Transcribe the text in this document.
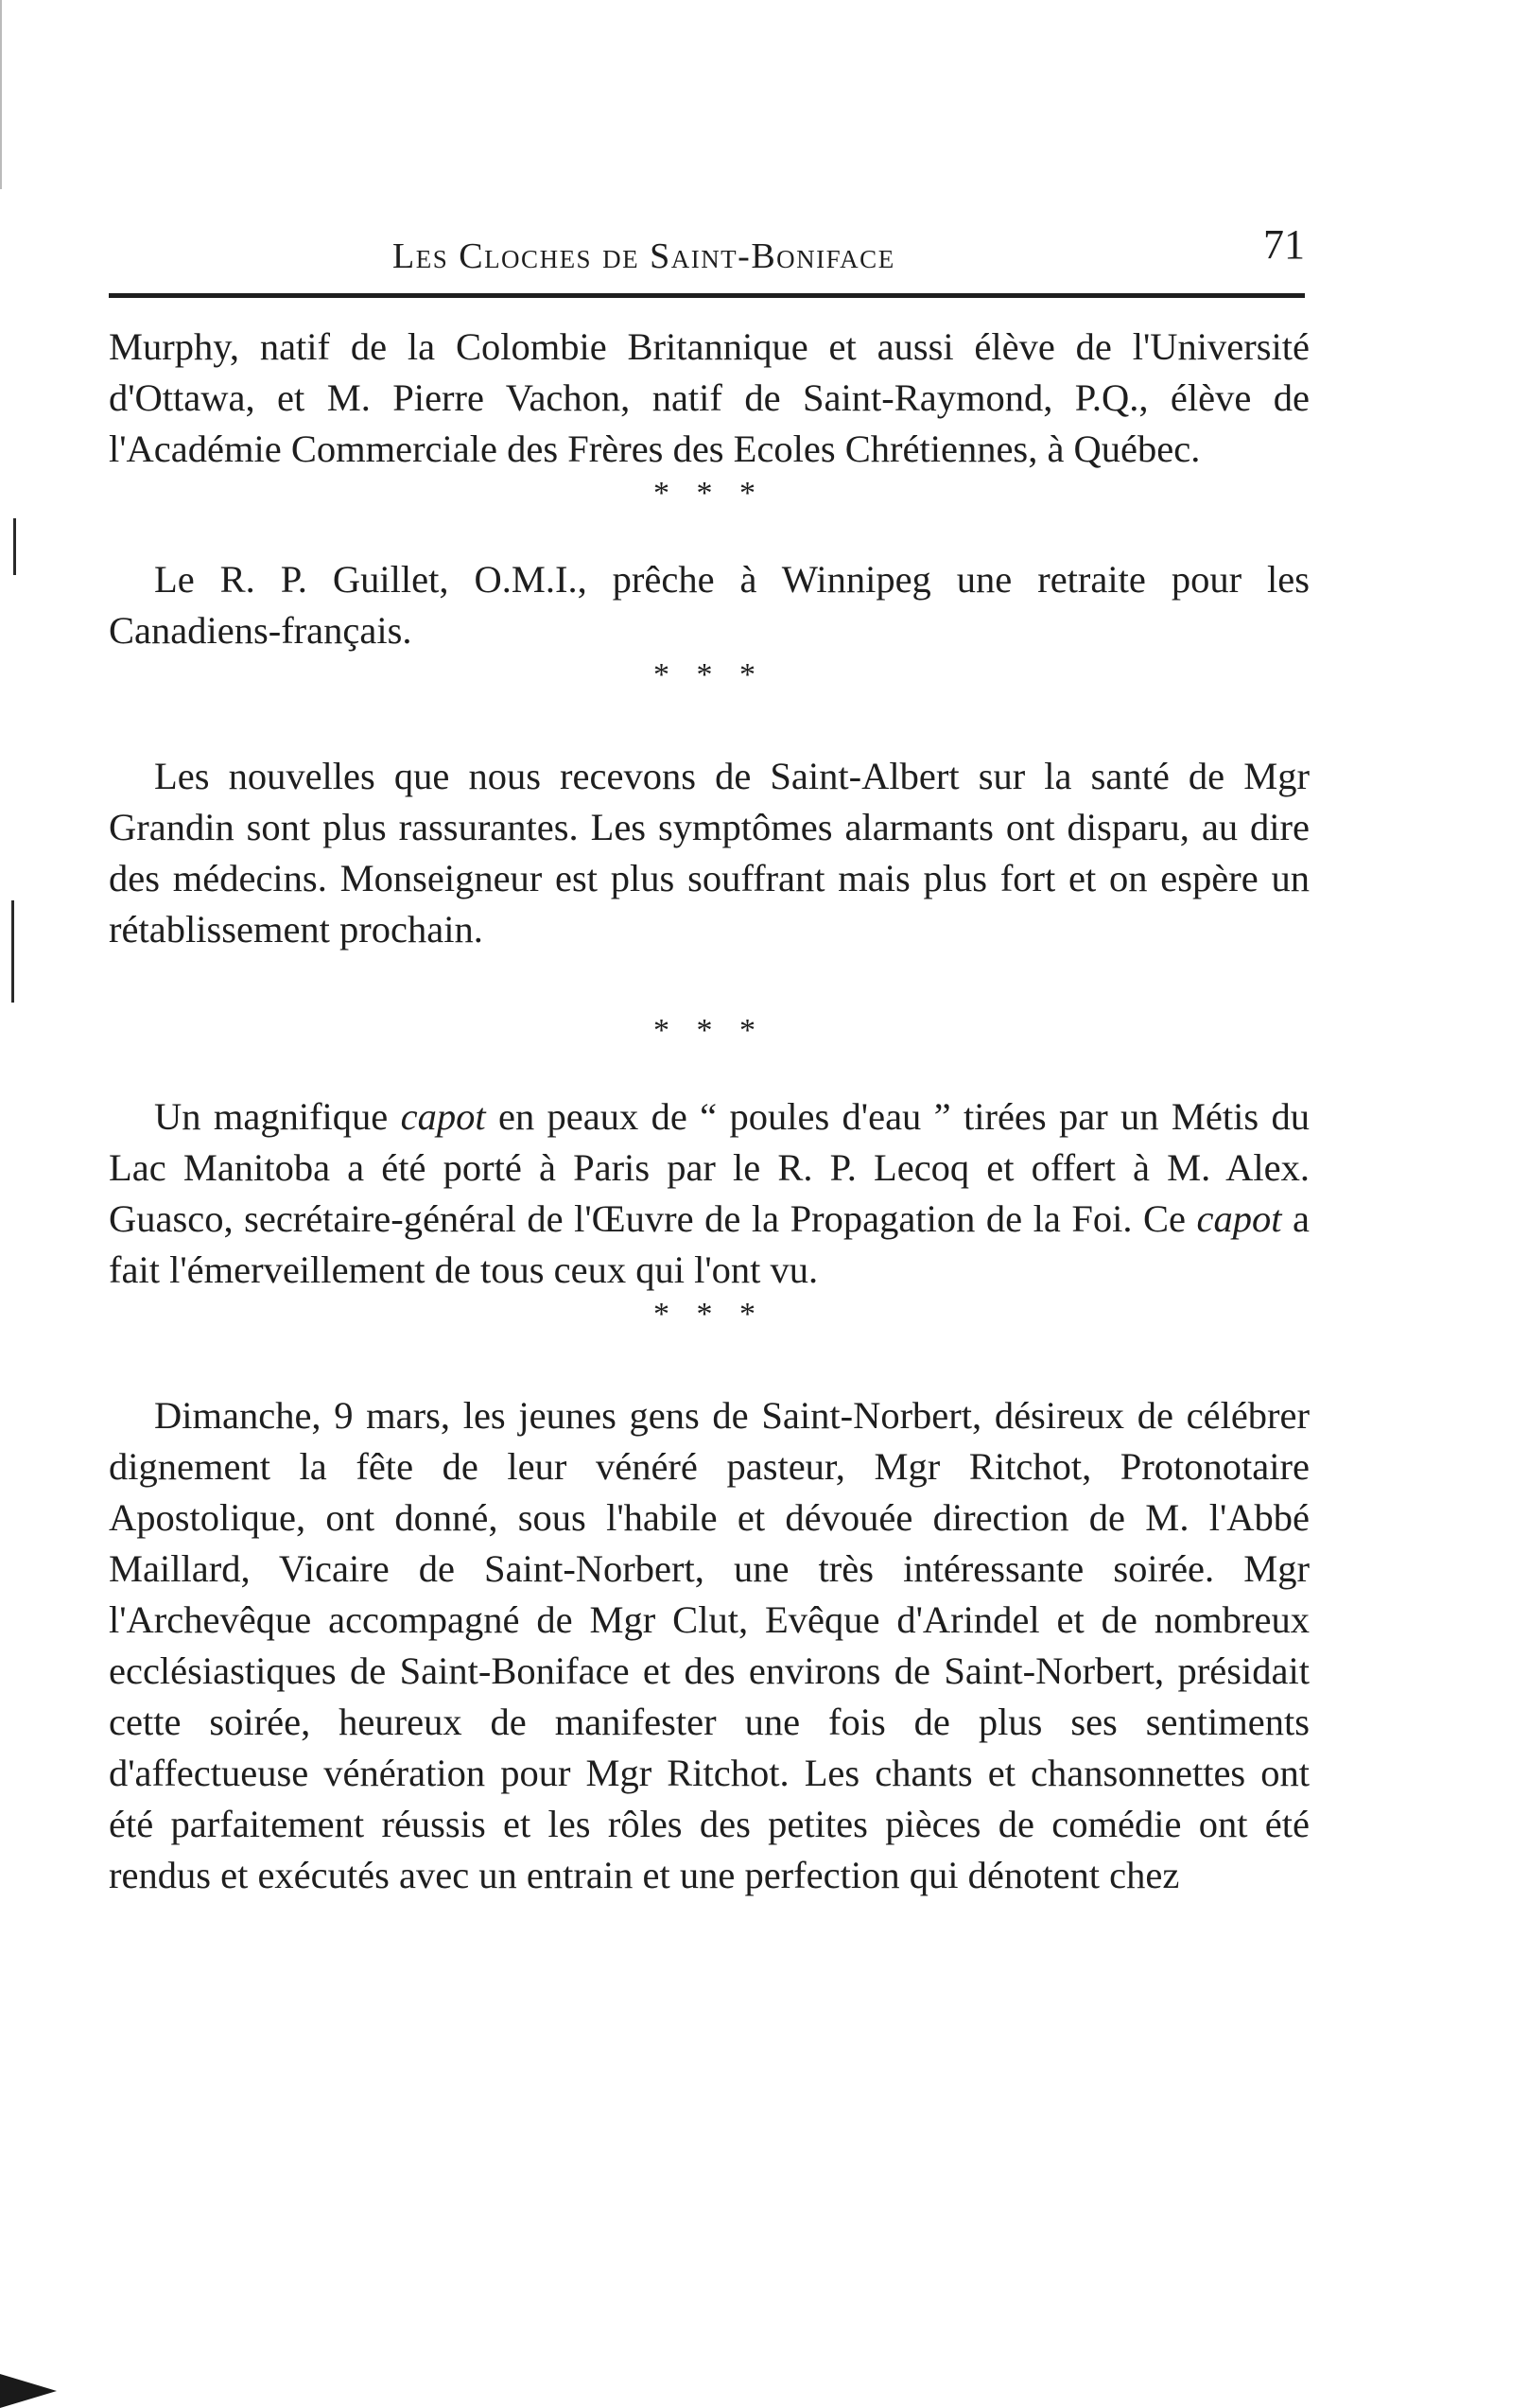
Les Cloches de Saint-Boniface	71

Murphy, natif de la Colombie Britannique et aussi élève de l'Université d'Ottawa, et M. Pierre Vachon, natif de Saint-Raymond, P.Q., élève de l'Académie Commerciale des Frères des Ecoles Chrétiennes, à Québec.

* * *

Le R. P. Guillet, O.M.I., prêche à Winnipeg une retraite pour les Canadiens-français.

* * *

Les nouvelles que nous recevons de Saint-Albert sur la santé de Mgr Grandin sont plus rassurantes. Les symptômes alarmants ont disparu, au dire des médecins. Monseigneur est plus souffrant mais plus fort et on espère un rétablissement prochain.

* * *

Un magnifique capot en peaux de “ poules d'eau ” tirées par un Métis du Lac Manitoba a été porté à Paris par le R. P. Lecoq et offert à M. Alex. Guasco, secrétaire-général de l'Œuvre de la Propagation de la Foi. Ce capot a fait l'émerveillement de tous ceux qui l'ont vu.

* * *

Dimanche, 9 mars, les jeunes gens de Saint-Norbert, désireux de célébrer dignement la fête de leur vénéré pasteur, Mgr Ritchot, Protonotaire Apostolique, ont donné, sous l'habile et dévouée direction de M. l'Abbé Maillard, Vicaire de Saint-Norbert, une très intéressante soirée. Mgr l'Archevêque accompagné de Mgr Clut, Evêque d'Arindel et de nombreux ecclésiastiques de Saint-Boniface et des environs de Saint-Norbert, présidait cette soirée, heureux de manifester une fois de plus ses sentiments d'affectueuse vénération pour Mgr Ritchot. Les chants et chansonnettes ont été parfaitement réussis et les rôles des petites pièces de comédie ont été rendus et exécutés avec un entrain et une perfection qui dénotent chez
